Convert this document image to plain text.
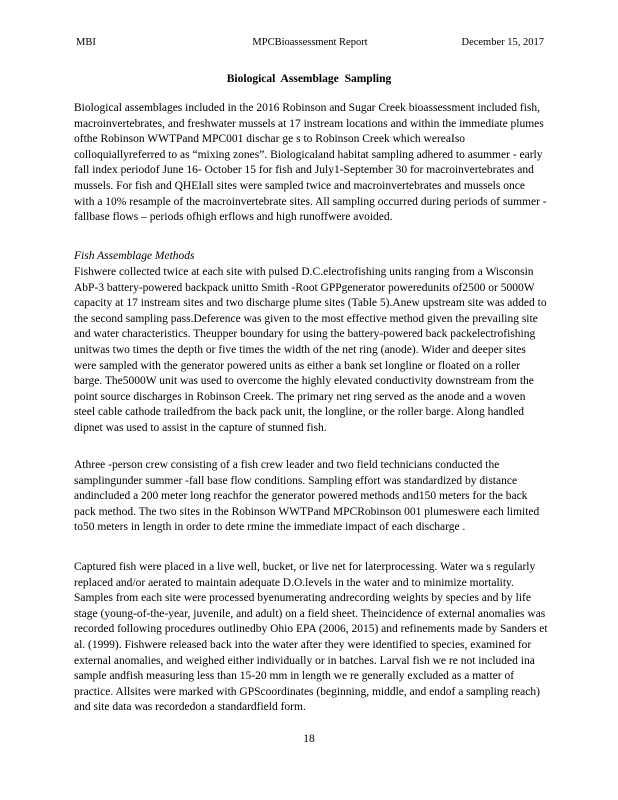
MBI	MPCBioassessment Report	December 15, 2017
Biological Assemblage Sampling

Biological assemblages included in the 2016 Robinson and Sugar Creek bioassessment included fish, macroinvertebrates, and freshwater mussels at 17 instream locations and within the immediate plumes ofthe Robinson WWTPand MPC001 dischar ge s to Robinson Creek which wereaIso colloquiallyreferred to as “mixing zones”. Biologicaland habitat sampling adhered to asummer - early fall index periodof June 16- October 15 for fish and July1-September 30 for macroinvertebrates and mussels. For fish and QHEIall sites were sampled twice and macroinvertebrates and mussels once with a 10% resample of the macroinvertebrate sites. All sampling occurred during periods of summer - fallbase flows – periods ofhigh erflows and high runoffwere avoided.

Fish Assemblage Methods

Fishwere collected twice at each site with pulsed D.C.electrofishing units ranging from a Wisconsin AbP-3 battery-powered backpack unitto Smith -Root GPPgenerator poweredunits of2500 or 5000W capacity at 17 instream sites and two discharge plume sites (Table 5).Anew upstream site was added to the second sampling pass.Deference was given to the most effective method given the prevailing site and water characteristics. Theupper boundary for using the battery-powered back packelectrofishing unitwas two times the depth or five times the width of the net ring (anode). Wider and deeper sites were sampled with the generator powered units as either a bank set longline or floated on a roller barge. The5000W unit was used to overcome the highly elevated conductivity downstream from the point source discharges in Robinson Creek. The primary net ring served as the anode and a woven steel cable cathode trailedfrom the back pack unit, the longline, or the roller barge. Along handled dipnet was used to assist in the capture of stunned fish.

Athree -person crew consisting of a fish crew leader and two field technicians conducted the samplingunder summer -fall base flow conditions. Sampling effort was standardized by distance andincluded a 200 meter long reachfor the generator powered methods and150 meters for the back pack method. The two sites in the Robinson WWTPand MPCRobinson 001 plumeswere each limited to50 meters in length in order to dete rmine the immediate impact of each discharge .

Captured fish were placed in a live well, bucket, or live net for laterprocessing. Water wa s regularly replaced and/or aerated to maintain adequate D.O.levels in the water and to minimize mortality. Samples from each site were processed byenumerating andrecording weights by species and by life stage (young-of-the-year, juvenile, and adult) on a field sheet. Theincidence of external anomalies was recorded following procedures outlinedby Ohio EPA (2006, 2015) and refinements made by Sanders et al. (1999). Fishwere released back into the water after they were identified to species, examined for external anomalies, and weighed either individually or in batches. Larval fish we re not included ina sample andfish measuring less than 15-20 mm in length we re generally excluded as a matter of practice. Allsites were marked with GPScoordinates (beginning, middle, and endof a sampling reach) and site data was recordedon a standardfield form.

18
